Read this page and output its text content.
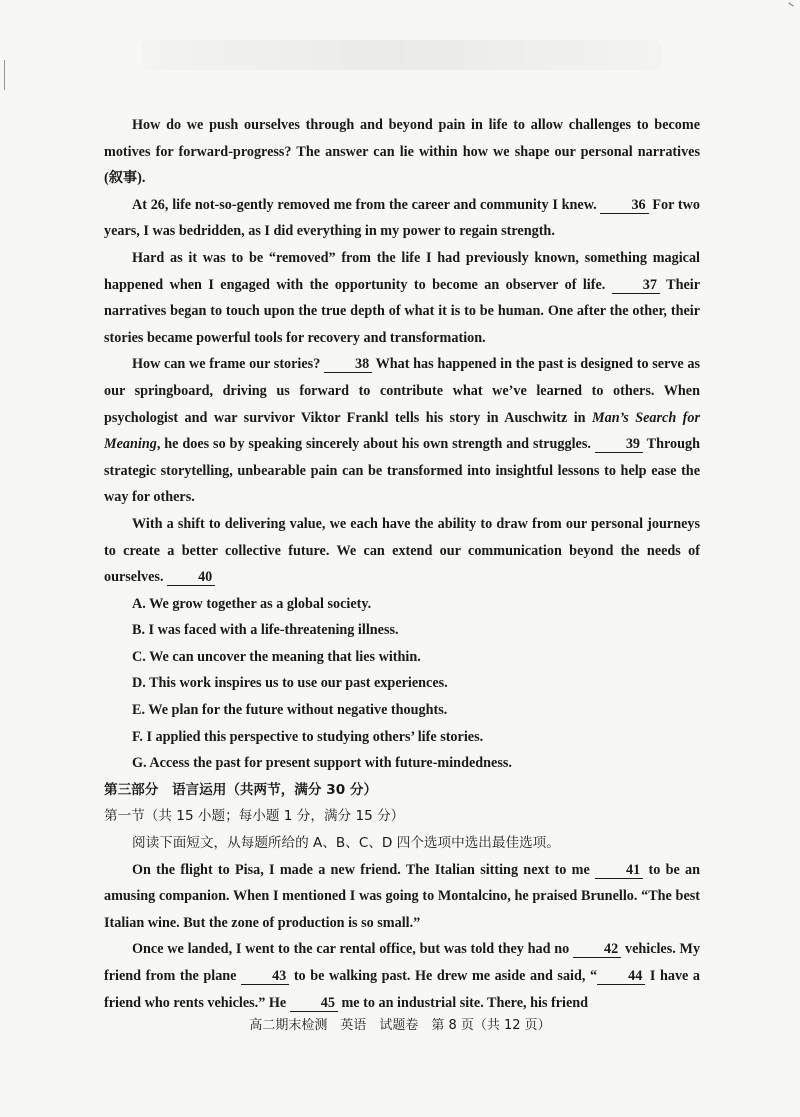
How do we push ourselves through and beyond pain in life to allow challenges to become motives for forward-progress? The answer can lie within how we shape our personal narratives (叙事).

At 26, life not-so-gently removed me from the career and community I knew. 36 For two years, I was bedridden, as I did everything in my power to regain strength.

Hard as it was to be “removed” from the life I had previously known, something magical happened when I engaged with the opportunity to become an observer of life.	37 Their narratives began to touch upon the true depth of what it is to be human. One after the other, their stories became powerful tools for recovery and transformation.

How can we frame our stories? 38 What has happened in the past is designed to serve as our springboard, driving us forward to contribute what we’ve learned to others. When psychologist and war survivor Viktor Frankl tells his story in Auschwitz in Man’s Search for Meaning, he does so by speaking sincerely about his own strength and struggles. 39 Through strategic storytelling, unbearable pain can be transformed into insightful lessons to help ease the way for others.

With a shift to delivering value, we each have the ability to draw from our personal journeys to create a better collective future. We can extend our communication beyond the needs of ourselves. 40

A. We grow together as a global society.

B. I was faced with a life-threatening illness.

C. We can uncover the meaning that lies within.

D. This work inspires us to use our past experiences.

E. We plan for the future without negative thoughts.

F. I applied this perspective to studying others’ life stories.

G. Access the past for present support with future-mindedness.

第三部分　语言运用（共两节，满分 30 分）

第一节（共 15 小题；每小题 1 分，满分 15 分）

阅读下面短文，从每题所给的 A、B、C、D 四个选项中选出最佳选项。

On the flight to Pisa, I made a new friend. The Italian sitting next to me	41 to be an amusing companion. When I mentioned I was going to Montalcino, he praised Brunello. “The best Italian wine. But the zone of production is so small.”

Once we landed, I went to the car rental office, but was told they had no 42 vehicles. My friend from the plane	43 to be walking past. He drew me aside and said, “ 44 I have a friend who rents vehicles.” He 45 me to an industrial site. There, his friend

高二期末检测　英语　试题卷　第 8 页（共 12 页）
